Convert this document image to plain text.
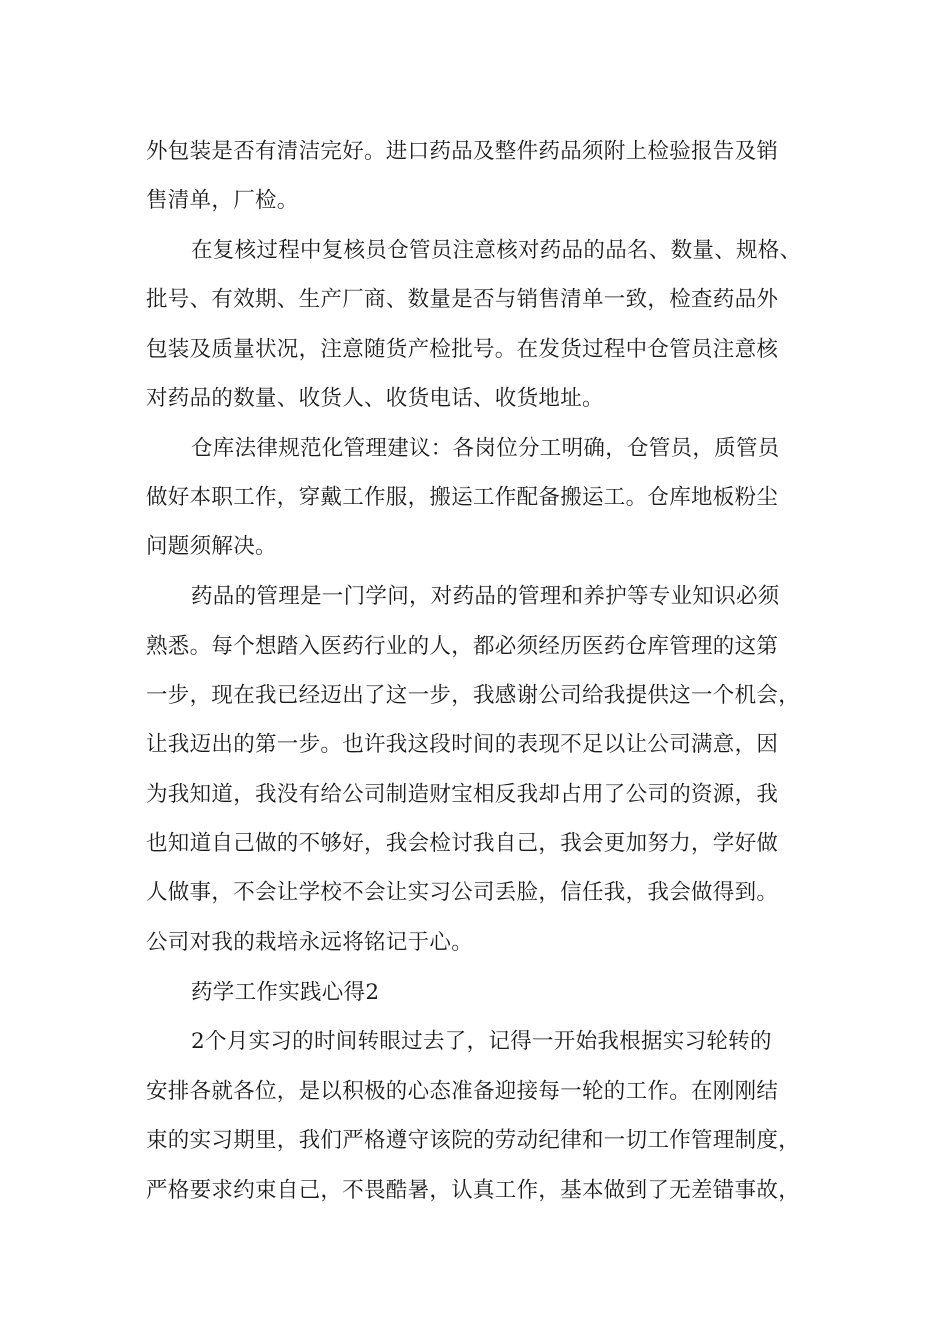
外包装是否有清洁完好。进口药品及整件药品须附上检验报告及销

售清单，厂检。

在复核过程中复核员仓管员注意核对药品的品名、数量、规格、

批号、有效期、生产厂商、数量是否与销售清单一致，检查药品外

包装及质量状况，注意随货产检批号。在发货过程中仓管员注意核

对药品的数量、收货人、收货电话、收货地址。

仓库法律规范化管理建议：各岗位分工明确，仓管员，质管员

做好本职工作，穿戴工作服，搬运工作配备搬运工。仓库地板粉尘

问题须解决。

药品的管理是一门学问，对药品的管理和养护等专业知识必须

熟悉。每个想踏入医药行业的人，都必须经历医药仓库管理的这第

一步，现在我已经迈出了这一步，我感谢公司给我提供这一个机会，

让我迈出的第一步。也许我这段时间的表现不足以让公司满意，因

为我知道，我没有给公司制造财宝相反我却占用了公司的资源，我

也知道自己做的不够好，我会检讨我自己，我会更加努力，学好做

人做事，不会让学校不会让实习公司丢脸，信任我，我会做得到。

公司对我的栽培永远将铭记于心。

药学工作实践心得2

2个月实习的时间转眼过去了，记得一开始我根据实习轮转的

安排各就各位，是以积极的心态准备迎接每一轮的工作。在刚刚结

束的实习期里，我们严格遵守该院的劳动纪律和一切工作管理制度，

严格要求约束自己，不畏酷暑，认真工作，基本做到了无差错事故，
